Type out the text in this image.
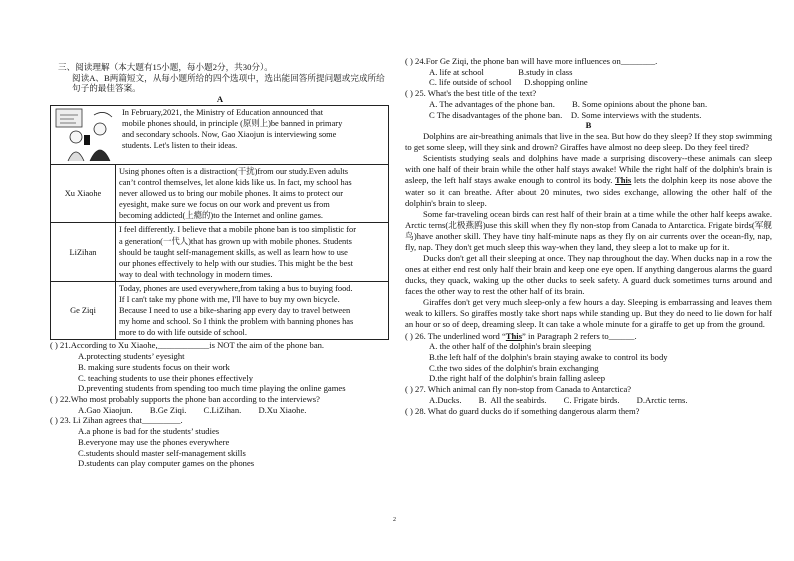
三、阅读理解（本大题有15小题，每小题2分，共30分）。

阅读A、B两篇短文，从每小题所给的四个选项中，选出能回答所提问题或完成所给句子的最佳答案。

A

In February,2021, the Ministry of Education announced that
mobile phones should, in principle (原则上)be banned in primary
and secondary schools. Now, Gao Xiaojun is interviewing some
students. Let's listen to their ideas.	

Xu Xiaohe	Using phones often is a distraction(干扰)from our study.Even adults
can’t control themselves, let alone kids like us. In fact, my school has
never allowed us to bring our mobile phones. It aims to protect our
eyesight, make sure we focus on our work and prevent us from
becoming addicted(上瘾的)to the Internet and online games.

LiZihan	I feel differently. I believe that a mobile phone ban is too simplistic for
a generation(一代人)that has grown up with mobile phones. Students
should be taught self-management skills, as well as learn how to use
our phones effectively to help with our studies. This might be the best
way to deal with technology in modern times.

Ge Ziqi	Today, phones are used everywhere,from taking a bus to buying food.
If I can't take my phone with me, I'll have to buy my own bicycle.
Because I need to use a bike-sharing app every day to travel between
my home and school. So I think the problem with banning phones has
more to do with life outside of school.

( ) 21.According to Xu Xiaohe,____________is NOT the aim of the phone ban.

A.protecting students’ eyesight

B. making sure students focus on their work

C. teaching students to use their phones effectively

D.preventing students from spending too much time playing the online games

( ) 22.Who most probably supports the phone ban according to the interviews?

A.Gao Xiaojun.        B.Ge Ziqi.        C.LiZihan.        D.Xu Xiaohe.

( ) 23. Li Zihan agrees that_________.

A.a phone is bad for the students’ studies

B.everyone may use the phones everywhere

C.students should master self-management skills

D.students can play computer games on the phones

( ) 24.For Ge Ziqi, the phone ban will have more influences on________.

A. life at school                B.study in class

C. life outside of school      D.shopping online

( ) 25. What's the best title of the text?

A. The advantages of the phone ban.        B. Some opinions about the phone ban.

C The disadvantages of the phone ban.    D. Some interviews with the students.

B

Dolphins are air-breathing animals that live in the sea. But how do they sleep? If they stop swimming to get some sleep, will they sink and drown? Giraffes have almost no deep sleep. Do they feel tired?

Scientists studying seals and dolphins have made a surprising discovery--these animals can sleep with one half of their brain while the other half stays awake! While the right half of the dolphin's brain is asleep, the left half stays awake enough to control its body. This lets the dolphin keep its nose above the water so it can breathe. After about 20 minutes, two sides exchange, allowing the other half of the dolphin's brain to sleep.

Some far-traveling ocean birds can rest half of their brain at a time while the other half keeps awake. Arctic terns(北极燕鸥)use this skill when they fly non-stop from Canada to Antarctica. Frigate birds(军舰鸟)have another skill. They have tiny half-minute naps as they fly on air currents over the ocean-fly, nap, fly, nap. They don't get much sleep this way-when they land, they sleep a lot to make up for it.

Ducks don't get all their sleeping at once. They nap throughout the day. When ducks nap in a row the ones at either end rest only half their brain and keep one eye open. If anything dangerous alarms the guard ducks, they quack, waking up the other ducks to seek safety. A guard duck sometimes turns around and faces the other way to rest the other half of its brain.

Giraffes don't get very much sleep-only a few hours a day. Sleeping is embarrassing and leaves them weak to killers. So giraffes mostly take short naps while standing up. But they do need to lie down for half an hour or so of deep, dreaming sleep. It can take a whole minute for a giraffe to get up from the ground.

( ) 26. The underlined word “This” in Paragraph 2 refers to______.

A. the other half of the dolphin's brain sleeping

B.the left half of the dolphin's brain staying awake to control its body

C.the two sides of the dolphin's brain exchanging

D.the right half of the dolphin's brain falling asleep

( ) 27. Which animal can fly non-stop from Canada to Antarctica?

A.Ducks.        B.  All the seabirds.        C. Frigate birds.        D.Arctic terns.

( ) 28. What do guard ducks do if something dangerous alarm them?

2
